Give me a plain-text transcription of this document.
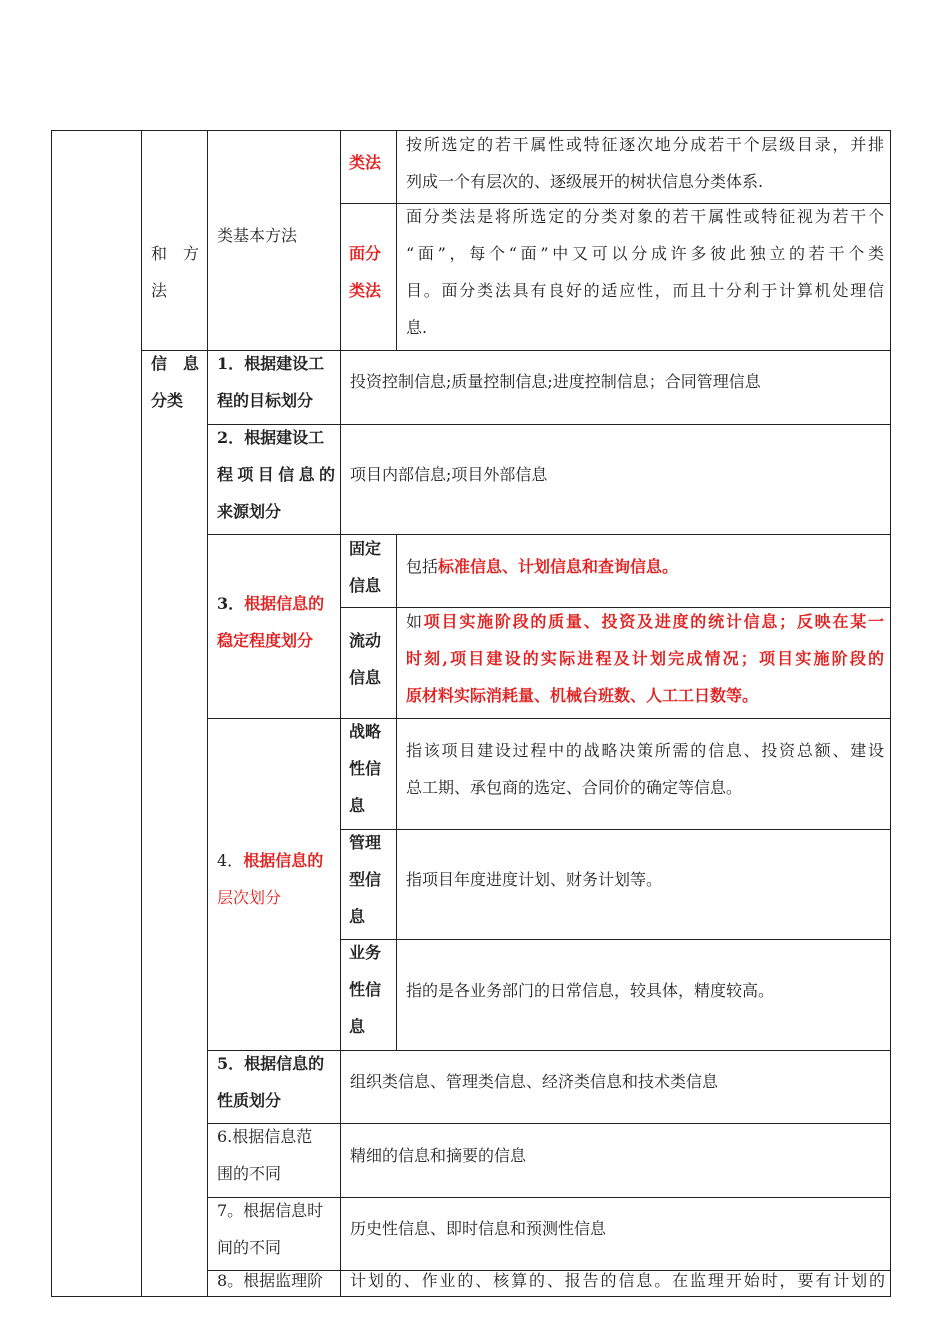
和　方
法
类基本方法
类法
按所选定的若干属性或特征逐次地分成若干个层级目录，并排
列成一个有层次的、逐级展开的树状信息分类体系.
面分
类法
面分类法是将所选定的分类对象的若干属性或特征视为若干个
“面”，每个“面”中又可以分成许多彼此独立的若干个类
目。面分类法具有良好的适应性，而且十分利于计算机处理信
息.
信　息
分类
1．根据建设工
程的目标划分
投资控制信息;质量控制信息;进度控制信息；合同管理信息
2．根据建设工
程项目信息的
来源划分
项目内部信息;项目外部信息
3．根据信息的
稳定程度划分
固定
信息
包括标准信息、计划信息和查询信息。
流动
信息
如项目实施阶段的质量、投资及进度的统计信息；反映在某一
时刻,项目建设的实际进程及计划完成情况；项目实施阶段的
原材料实际消耗量、机械台班数、人工工日数等。
4．根据信息的
层次划分
战略
性信
息
指该项目建设过程中的战略决策所需的信息、投资总额、建设
总工期、承包商的选定、合同价的确定等信息。
管理
型信
息
指项目年度进度计划、财务计划等。
业务
性信
息
指的是各业务部门的日常信息，较具体，精度较高。
5．根据信息的
性质划分
组织类信息、管理类信息、经济类信息和技术类信息
6.根据信息范
围的不同
精细的信息和摘要的信息
7。根据信息时
间的不同
历史性信息、即时信息和预测性信息
8。根据监理阶	计划的、作业的、核算的、报告的信息。在监理开始时，要有计划的
